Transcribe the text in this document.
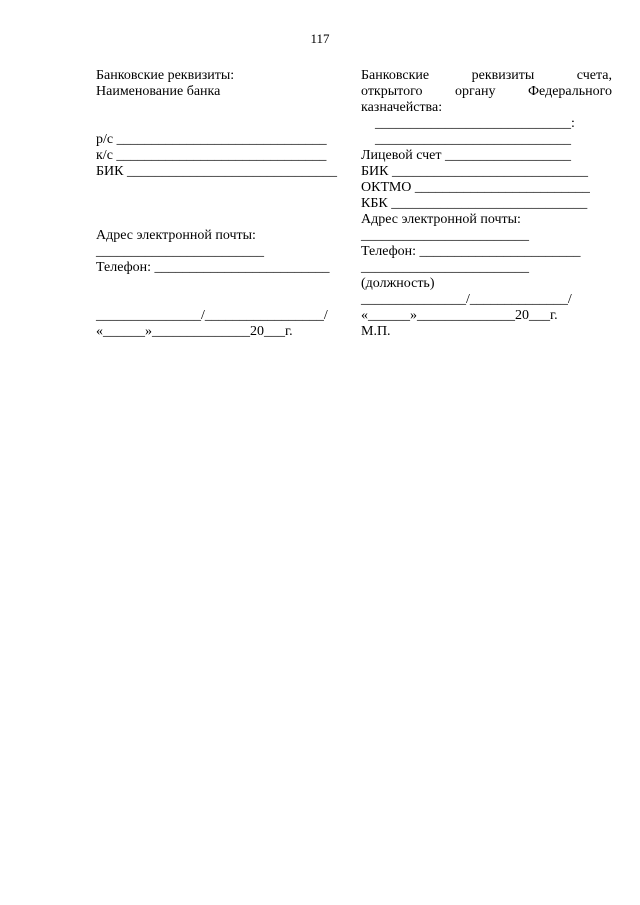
117
Банковские реквизиты:
Наименование банка
р/с ______________________________
к/с ______________________________
БИК ______________________________
Адрес электронной почты:
________________________
Телефон: _________________________
_______________/_________________/
«______»______________20___г.
Банковские реквизиты счета,
открытого органу Федерального
казначейства:
____________________________:
____________________________
Лицевой счет __________________
БИК ____________________________
ОКТМО _________________________
КБК ____________________________
Адрес электронной почты:
________________________
Телефон: _______________________
________________________
(должность)
_______________/______________/
«______»______________20___г.
М.П.
